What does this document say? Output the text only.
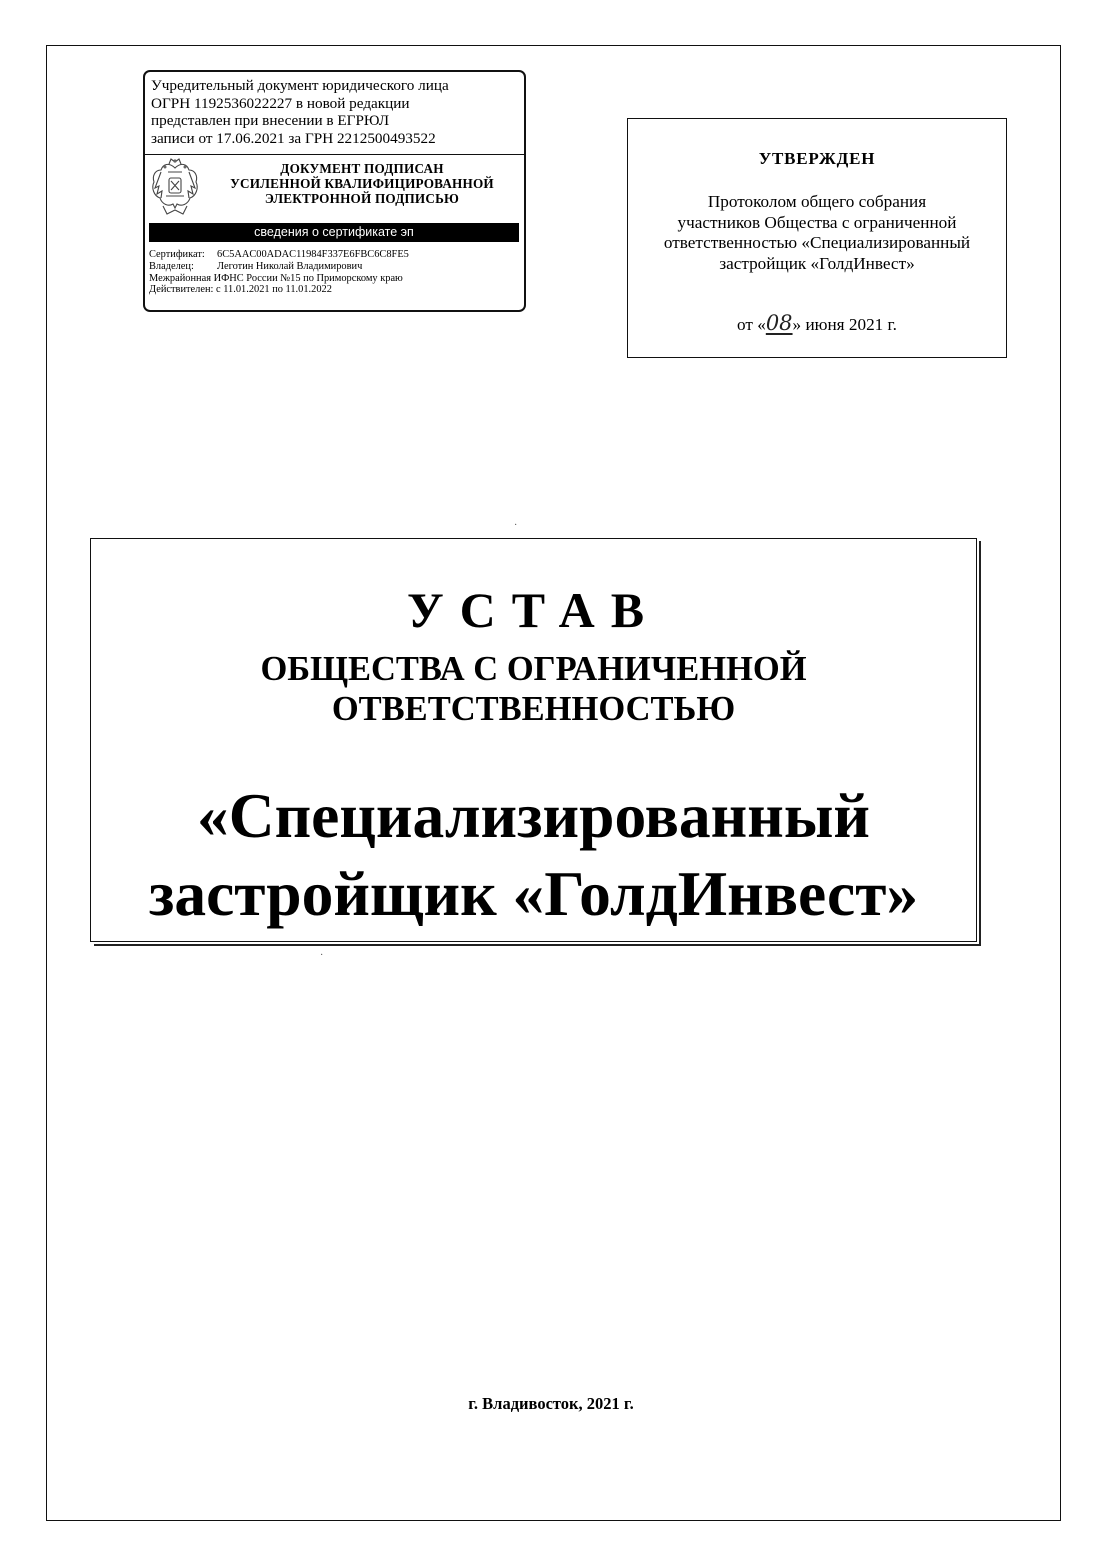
Учредительный документ юридического лица
ОГРН 1192536022227 в новой редакции
представлен при внесении в ЕГРЮЛ
записи от 17.06.2021 за ГРН 2212500493522
ДОКУМЕНТ ПОДПИСАН
УСИЛЕННОЙ КВАЛИФИЦИРОВАННОЙ
ЭЛЕКТРОННОЙ ПОДПИСЬЮ
сведения о сертификате эп
Сертификат: 6C5AAC00ADAC11984F337E6FBC6C8FE5
Владелец: Леготин Николай Владимирович
Межрайонная ИФНС России №15 по Приморскому краю
Действителен: с 11.01.2021 по 11.01.2022
УТВЕРЖДЕН
Протоколом общего собрания
участников Общества с ограниченной
ответственностью «Специализированный
застройщик «ГолдИнвест»
от «08» июня 2021 г.
·
·
УСТАВ
ОБЩЕСТВА С ОГРАНИЧЕННОЙ
ОТВЕТСТВЕННОСТЬЮ
«Специализированный
застройщик «ГолдИнвест»
г. Владивосток, 2021 г.
